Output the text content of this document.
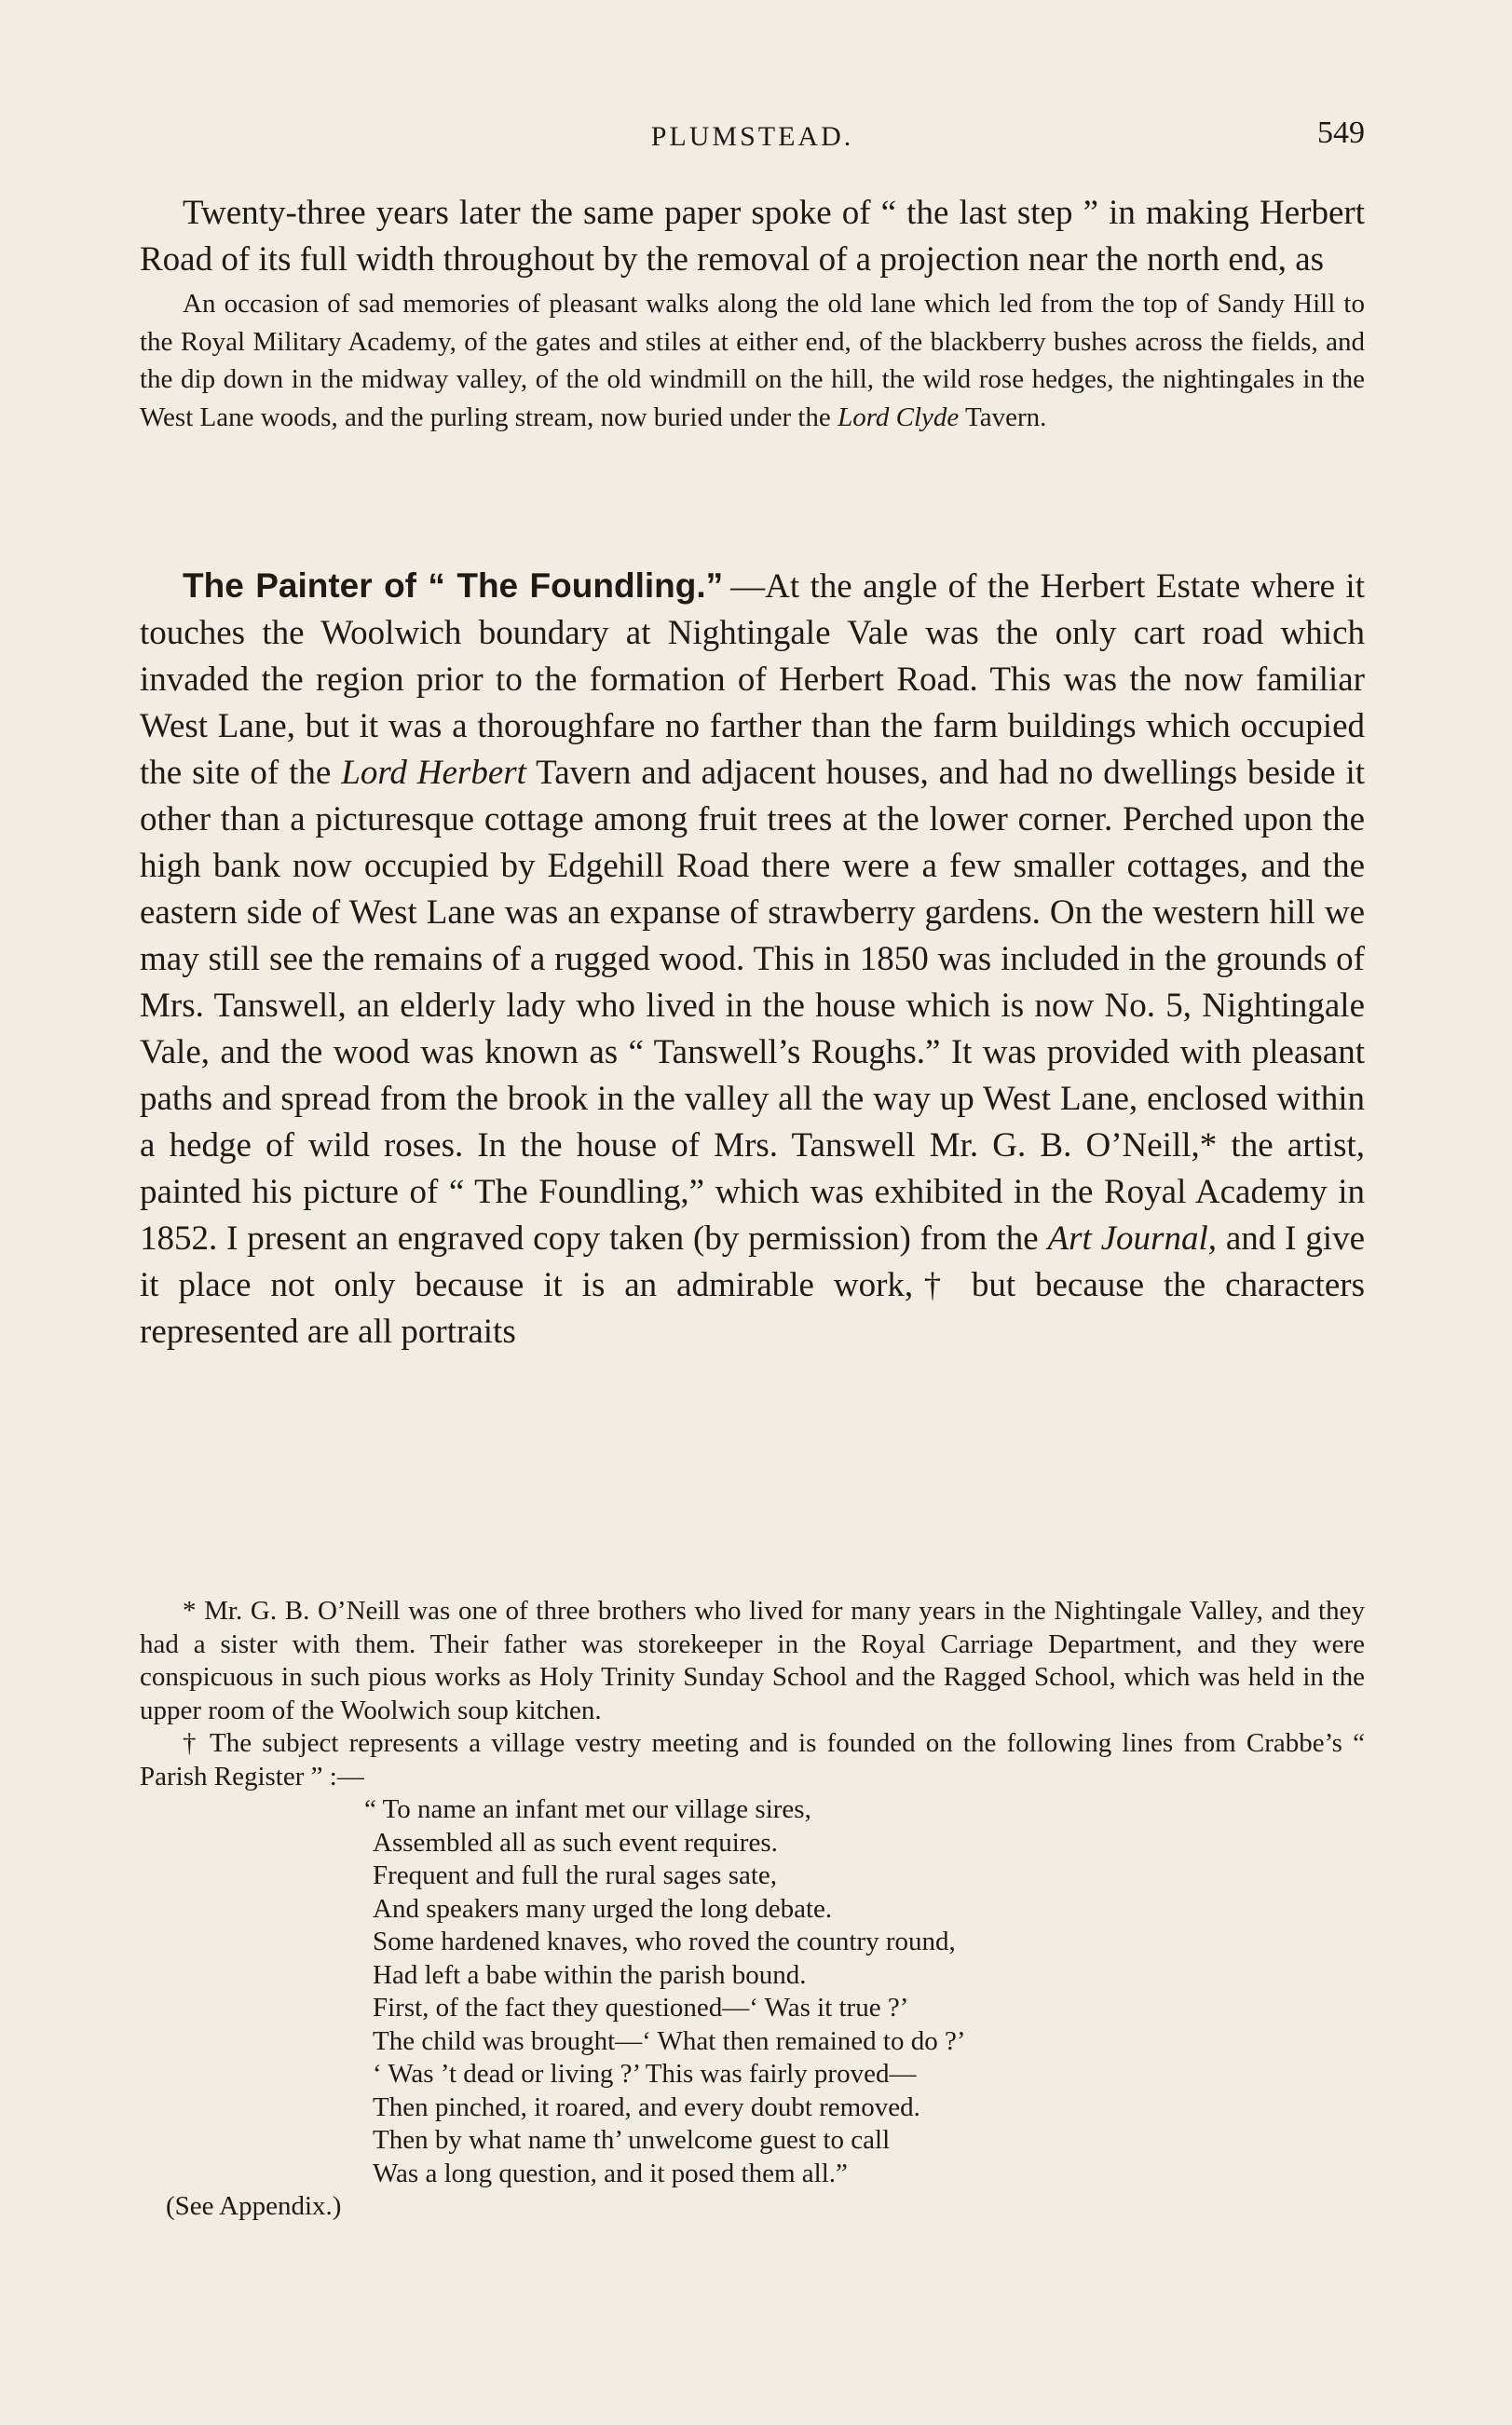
PLUMSTEAD.	549

Twenty-three years later the same paper spoke of “ the last step ” in making Herbert Road of its full width throughout by the removal of a projection near the north end, as

An occasion of sad memories of pleasant walks along the old lane which led from the top of Sandy Hill to the Royal Military Academy, of the gates and stiles at either end, of the blackberry bushes across the fields, and the dip down in the midway valley, of the old windmill on the hill, the wild rose hedges, the nightingales in the West Lane woods, and the purling stream, now buried under the Lord Clyde Tavern.

The Painter of “ The Foundling.” —At the angle of the Herbert Estate where it touches the Woolwich boundary at Nightingale Vale was the only cart road which invaded the region prior to the formation of Herbert Road. This was the now familiar West Lane, but it was a thoroughfare no farther than the farm buildings which occupied the site of the Lord Herbert Tavern and adjacent houses, and had no dwellings beside it other than a picturesque cottage among fruit trees at the lower corner. Perched upon the high bank now occupied by Edgehill Road there were a few smaller cottages, and the eastern side of West Lane was an expanse of strawberry gardens. On the western hill we may still see the remains of a rugged wood. This in 1850 was included in the grounds of Mrs. Tanswell, an elderly lady who lived in the house which is now No. 5, Nightingale Vale, and the wood was known as “ Tanswell’s Roughs.” It was provided with pleasant paths and spread from the brook in the valley all the way up West Lane, enclosed within a hedge of wild roses. In the house of Mrs. Tanswell Mr. G. B. O’Neill,* the artist, painted his picture of “ The Foundling,” which was exhibited in the Royal Academy in 1852. I present an engraved copy taken (by permission) from the Art Journal, and I give it place not only because it is an admirable work,† but because the characters represented are all portraits

* Mr. G. B. O’Neill was one of three brothers who lived for many years in the Nightingale Valley, and they had a sister with them. Their father was storekeeper in the Royal Carriage Department, and they were conspicuous in such pious works as Holy Trinity Sunday School and the Ragged School, which was held in the upper room of the Woolwich soup kitchen.

† The subject represents a village vestry meeting and is founded on the following lines from Crabbe’s “ Parish Register ” :—

“ To name an infant met our village sires,
Assembled all as such event requires.
Frequent and full the rural sages sate,
And speakers many urged the long debate.
Some hardened knaves, who roved the country round,
Had left a babe within the parish bound.
First, of the fact they questioned—‘ Was it true ?’
The child was brought—‘ What then remained to do ?’
‘ Was ’t dead or living ?’ This was fairly proved—
Then pinched, it roared, and every doubt removed.
Then by what name th’ unwelcome guest to call
Was a long question, and it posed them all.”

(See Appendix.)
